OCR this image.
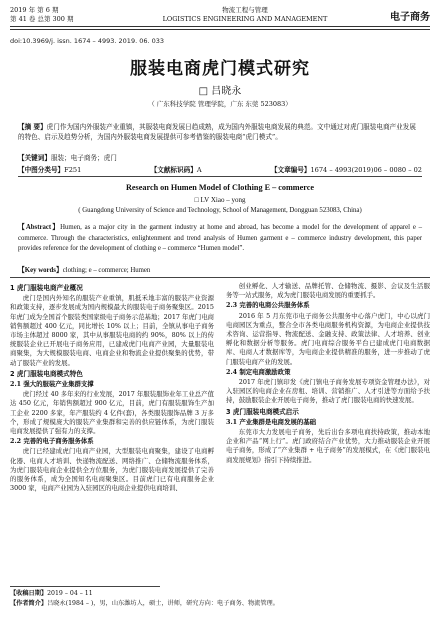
2019 年 第 6 期
第 41 卷 总第 300 期
物流工程与管理
LOGISTICS ENGINEERING AND MANAGEMENT	电子商务
doi:10.3969/j. issn. 1674 – 4993. 2019. 06. 033
服装电商虎门模式研究
□ 吕晓永
（ 广东科技学院 管理学院，广东 东莞 523083）
【摘 要】虎门作为国内外服装产业重镇，其服装电商发展日趋成熟，成为国内外服装电商发展的典范。文中通过对虎门服装电商产业发展的特色、启示及趋势分析，为国内外服装电商发展提供可参考借鉴的服装电商“虎门模式”。
【关键词】服装；电子商务；虎门
【中图分类号】F251	【文献标识码】A	【文章编号】1674 – 4993(2019)06 – 0080 – 02
Research on Humen Model of Clothing E – commerce
□ LV Xiao – yong
( Guangdong University of Science and Technology, School of Management, Dongguan 523083, China)
【Abstract】Humen, as a major city in the garment industry at home and abroad, has become a model for the development of apparel e – commerce. Through the characteristics, enlightenment and trend analysis of Humen garment e – commerce industry development, this paper provides reference for the development of clothing e – commerce “Humen model”.
【Key words】clothing; e – commerce; Humen
1 虎门服装电商产业概况

虎门是国内外知名的服装产业重镇，肌抵禾地丰富的服装产业资源和政策支持，逐步发展成为国内规模最大的服装电子商务聚集区。2015 年虎门成为全国首个服装类国家级电子商务示范基地；2017 年虎门电商销售额超过 400 亿元，同比增长 10% 以上；目前，全镇从事电子商务市场主体超过 8000 家，其中从事服装电商的约 90%，80% 以上的传统服装企业已开展电子商务应用，已建成虎门电商产业园，大量服装电商聚集，为大规模服装电商、电商企业和物流企业提供聚集的优势，带动了服装产业的发展。

2 虎门服装电商模式特色
2.1 强大的服装产业集群支撑

虎门经过 40 多年来的行业发展，2017 年服装服饰业年工业总产值达 450 亿元，年销售额超过 900 亿元，目前，虎门有服装服饰生产加工企业 2200 多家，年产服装约 4 亿件(套)，各类服装服饰品牌 3 万多个，形成了规模庞大的服装产业集群和完善的供应链体系，为虎门服装电商发展提供了强有力的支撑。

2.2 完善的电子商务服务体系

虎门已经建成虎门电商产业园，大型服装电商聚集，建设了电商孵化器、电商人才培训、快递物流配送、网络推广、仓储物流服务体系，为虎门服装电商企业提供全方位服务，为虎门服装电商发展提供了完善的服务体系，成为全国知名电商聚集区。目前虎门已有电商服务企业 3000 家，电商产业园为入驻园区的电商企业提供电商培训、

创业孵化、人才输送、品牌托管、仓储物流、摄影、会议及生活服务等一站式服务，成为虎门服装电商发展的重要抓手。

2.3 完善的电商公共服务体系

2016 年 5 月东莞市电子商务公共服务中心落户虎门，中心以虎门电商园区为重点，整合全市各类电商服务机构资源，为电商企业提供技术咨询、运营指导、物流配送、金融支持、政策法律、人才培养、创业孵化和数据分析等服务。虎门电商综合服务平台已建成虎门电商数据库、电商人才数据库等，为电商企业提供精准的服务，进一步推动了虎门服装电商产业的发展。

2.4 制定电商激励政策

2017 年虎门镇印发《虎门镇电子商务发展专项资金管理办法》，对入驻园区的电商企业在房租、培训、营销推广、人才引进等方面给予扶持，鼓励服装企业开展电子商务，推动了虎门服装电商的快速发展。

3 虎门服装电商模式启示
3.1 产业集群是电商发展的基础

东莞市大力发展电子商务，先后出台多项电商扶持政策，推动本地企业和产品“网上行”。虎门政府结合产业优势，大力推动服装企业开展电子商务，形成了“产业集群 + 电子商务”的发展模式，在《虎门服装电商发展规划》指引下持续推进。

【收稿日期】2019 – 04 – 11
【作者简介】吕晓永(1984 – )，男，山东潍坊人，硕士，讲师，研究方向：电子商务、物流管理。
